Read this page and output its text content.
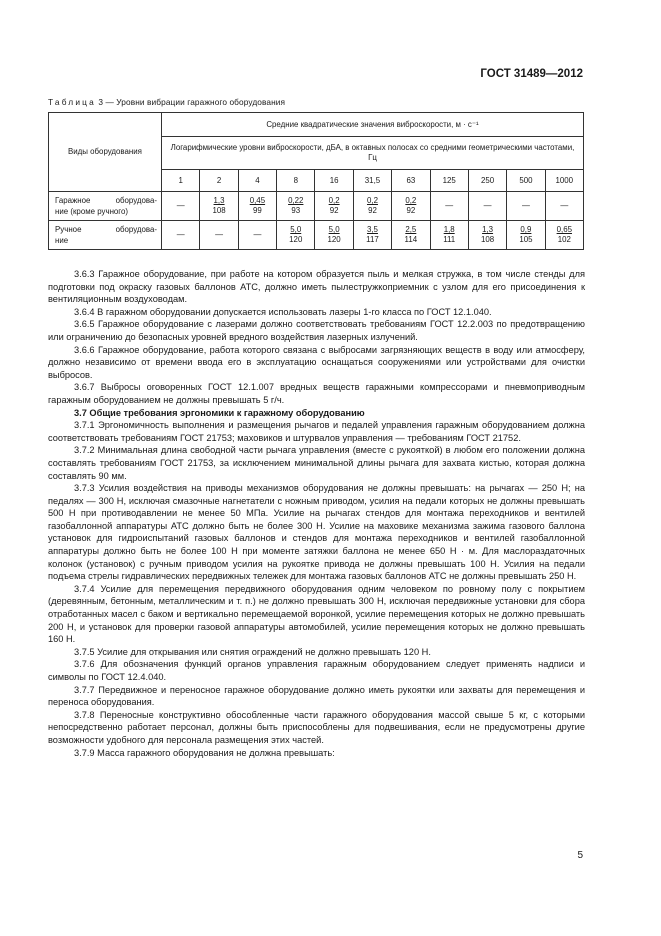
ГОСТ 31489—2012
Таблица 3 — Уровни вибрации гаражного оборудования
Виды оборудования	Средние квадратические значения виброскорости, м · с⁻¹										
	Логарифмические уровни виброскорости, дБА, в октавных полосах со средними геометрическими частотами, Гц										
	1	2	4	8	16	31,5	63	125	250	500	1000
Гаражное оборудова-
ние (кроме ручного)	—	$\frac{1,3}{108}$	$\frac{0,45}{99}$	$\frac{0,22}{93}$	$\frac{0,2}{92}$	$\frac{0,2}{92}$	$\frac{0,2}{92}$	—	—	—	—
Ручное оборудова-
ние	—	—	—	$\frac{5,0}{120}$	$\frac{5,0}{120}$	$\frac{3,5}{117}$	$\frac{2,5}{114}$	$\frac{1,8}{111}$	$\frac{1,3}{108}$	$\frac{0,9}{105}$	$\frac{0,65}{102}$

3.6.3 Гаражное оборудование, при работе на котором образуется пыль и мелкая стружка, в том числе стенды для подготовки под окраску газовых баллонов АТС, должно иметь пылестружкоприемник с узлом для его присоединения к вентиляционным воздуховодам.

3.6.4 В гаражном оборудовании допускается использовать лазеры 1-го класса по ГОСТ 12.1.040.

3.6.5 Гаражное оборудование с лазерами должно соответствовать требованиям ГОСТ 12.2.003 по предотвращению или ограничению до безопасных уровней вредного воздействия лазерных излучений.

3.6.6 Гаражное оборудование, работа которого связана с выбросами загрязняющих веществ в воду или атмосферу, должно независимо от времени ввода его в эксплуатацию оснащаться сооружениями или устройствами для очистки выбросов.

3.6.7 Выбросы оговоренных ГОСТ 12.1.007 вредных веществ гаражными компрессорами и пневмоприводным гаражным оборудованием не должны превышать 5 г/ч.

3.7 Общие требования эргономики к гаражному оборудованию

3.7.1 Эргономичность выполнения и размещения рычагов и педалей управления гаражным оборудованием должна соответствовать требованиям ГОСТ 21753; маховиков и штурвалов управления — требованиям ГОСТ 21752.

3.7.2 Минимальная длина свободной части рычага управления (вместе с рукояткой) в любом его положении должна составлять требованиям ГОСТ 21753, за исключением минимальной длины рычага для захвата кистью, которая должна составлять 90 мм.

3.7.3 Усилия воздействия на приводы механизмов оборудования не должны превышать: на рычагах — 250 Н; на педалях — 300 Н, исключая смазочные нагнетатели с ножным приводом, усилия на педали которых не должны превышать 500 Н при противодавлении не менее 50 МПа. Усилие на рычагах стендов для монтажа переходников и вентилей газобаллонной аппаратуры АТС должно быть не более 300 Н. Усилие на маховике механизма зажима газового баллона установок для гидроиспытаний газовых баллонов и стендов для монтажа переходников и вентилей газобаллонной аппаратуры должно быть не более 100 Н при моменте затяжки баллона не менее 650 Н · м. Для маслораздаточных колонок (установок) с ручным приводом усилия на рукоятке привода не должны превышать 100 Н. Усилия на педали подъема стрелы гидравлических передвижных тележек для монтажа газовых баллонов АТС не должны превышать 250 Н.

3.7.4 Усилие для перемещения передвижного оборудования одним человеком по ровному полу с покрытием (деревянным, бетонным, металлическим и т. п.) не должно превышать 300 Н, исключая передвижные установки для сбора отработанных масел с баком и вертикально перемещаемой воронкой, усилие перемещения которых не должно превышать 200 Н, и установок для проверки газовой аппаратуры автомобилей, усилие перемещения которых не должно превышать 160 Н.

3.7.5 Усилие для открывания или снятия ограждений не должно превышать 120 Н.

3.7.6 Для обозначения функций органов управления гаражным оборудованием следует применять надписи и символы по ГОСТ 12.4.040.

3.7.7 Передвижное и переносное гаражное оборудование должно иметь рукоятки или захваты для перемещения и переноса оборудования.

3.7.8 Переносные конструктивно обособленные части гаражного оборудования массой свыше 5 кг, с которыми непосредственно работает персонал, должны быть приспособлены для подвешивания, если не предусмотрены другие возможности удобного для персонала размещения этих частей.

3.7.9 Масса гаражного оборудования не должна превышать:

5
